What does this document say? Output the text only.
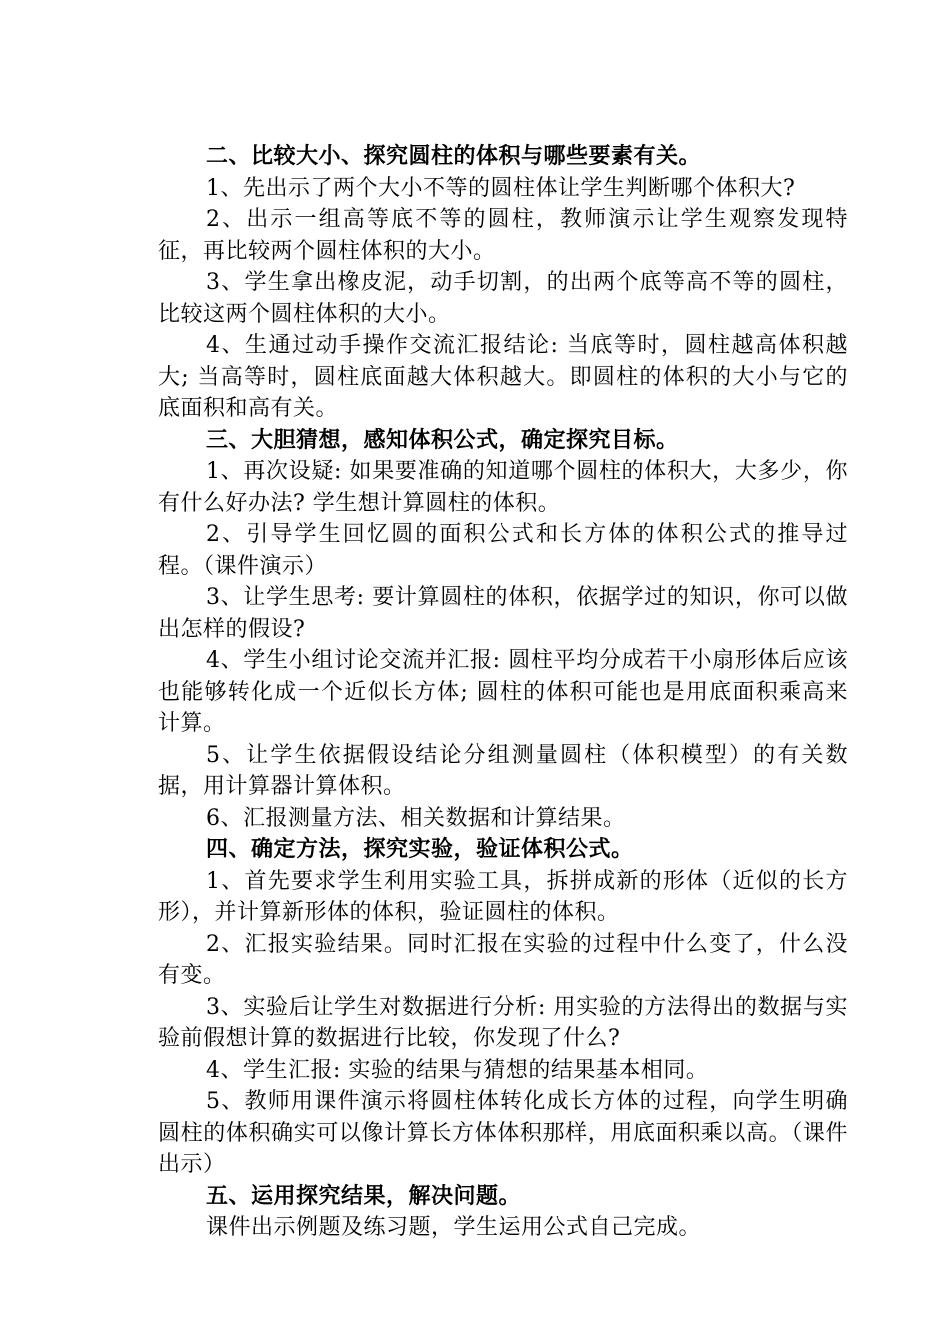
二、比较大小、探究圆柱的体积与哪些要素有关。

1、先出示了两个大小不等的圆柱体让学生判断哪个体积大?

2、出示一组高等底不等的圆柱，教师演示让学生观察发现特征，再比较两个圆柱体积的大小。

3、学生拿出橡皮泥，动手切割，的出两个底等高不等的圆柱，比较这两个圆柱体积的大小。

4、生通过动手操作交流汇报结论: 当底等时，圆柱越高体积越大; 当高等时，圆柱底面越大体积越大。即圆柱的体积的大小与它的底面积和高有关。

三、大胆猜想，感知体积公式，确定探究目标。

1、再次设疑: 如果要准确的知道哪个圆柱的体积大，大多少，你有什么好办法? 学生想计算圆柱的体积。

2、引导学生回忆圆的面积公式和长方体的体积公式的推导过程。（课件演示）

3、让学生思考: 要计算圆柱的体积，依据学过的知识，你可以做出怎样的假设?

4、学生小组讨论交流并汇报: 圆柱平均分成若干小扇形体后应该也能够转化成一个近似长方体; 圆柱的体积可能也是用底面积乘高来计算。

5、让学生依据假设结论分组测量圆柱（体积模型）的有关数据，用计算器计算体积。

6、汇报测量方法、相关数据和计算结果。

四、确定方法，探究实验，验证体积公式。

1、首先要求学生利用实验工具，拆拼成新的形体（近似的长方形），并计算新形体的体积，验证圆柱的体积。

2、汇报实验结果。同时汇报在实验的过程中什么变了，什么没有变。

3、实验后让学生对数据进行分析: 用实验的方法得出的数据与实验前假想计算的数据进行比较，你发现了什么?

4、学生汇报: 实验的结果与猜想的结果基本相同。

5、教师用课件演示将圆柱体转化成长方体的过程，向学生明确圆柱的体积确实可以像计算长方体体积那样，用底面积乘以高。（课件出示）

五、运用探究结果，解决问题。

课件出示例题及练习题，学生运用公式自己完成。
